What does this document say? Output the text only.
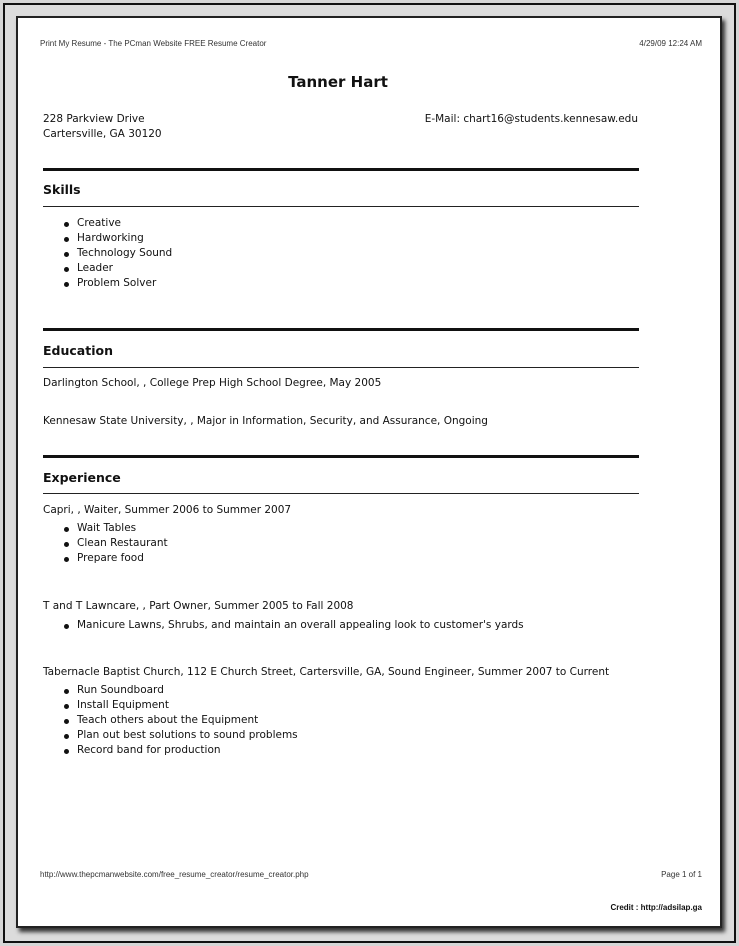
Print My Resume - The PCman Website FREE Resume Creator	4/29/09 12:24 AM
Tanner Hart
228 Parkview Drive
Cartersville, GA 30120
E-Mail: chart16@students.kennesaw.edu
Skills
Creative
Hardworking
Technology Sound
Leader
Problem Solver
Education
Darlington School, , College Prep High School Degree, May 2005
Kennesaw State University, , Major in Information, Security, and Assurance, Ongoing
Experience
Capri, , Waiter, Summer 2006 to Summer 2007
Wait Tables
Clean Restaurant
Prepare food
T and T Lawncare, , Part Owner, Summer 2005 to Fall 2008
Manicure Lawns, Shrubs, and maintain an overall appealing look to customer's yards
Tabernacle Baptist Church, 112 E Church Street, Cartersville, GA, Sound Engineer, Summer 2007 to Current
Run Soundboard
Install Equipment
Teach others about the Equipment
Plan out best solutions to sound problems
Record band for production
http://www.thepcmanwebsite.com/free_resume_creator/resume_creator.php	Page 1 of 1
Credit : http://adsilap.ga
